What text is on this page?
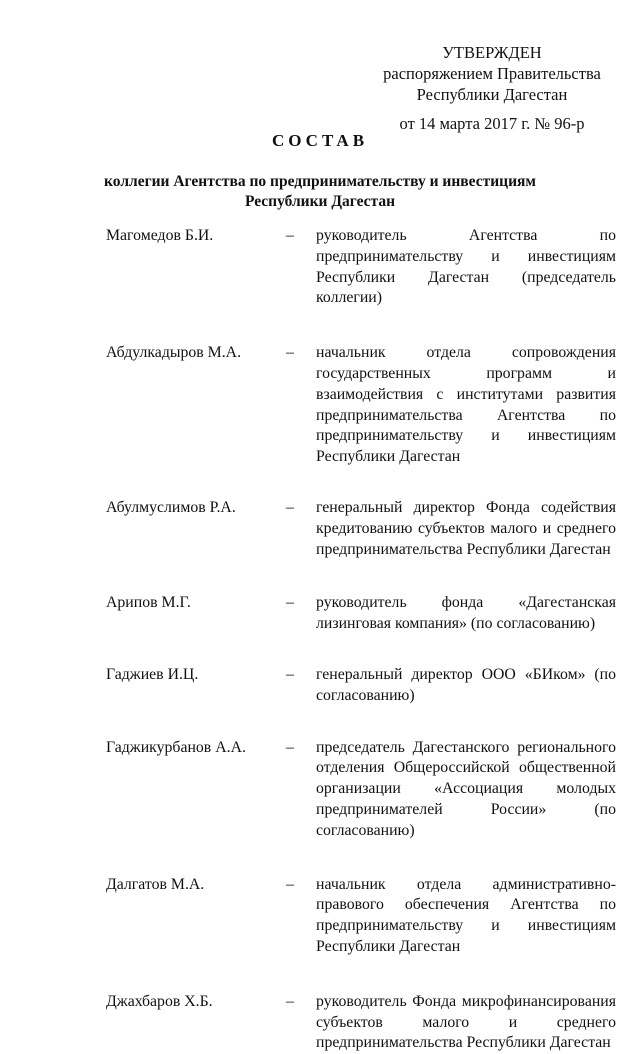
УТВЕРЖДЕН
распоряжением Правительства
Республики Дагестан
от 14 марта 2017 г. № 96-р
СОСТАВ
коллегии Агентства по предпринимательству и инвестициям
Республики Дагестан
Магомедов Б.И.	–	руководитель Агентства по предпринимательству и инвестициям Республики Дагестан (председатель коллегии)
Абдулкадыров М.А.	–	начальник отдела сопровождения государственных программ и взаимодействия с институтами развития предпринимательства Агентства по предпринимательству и инвестициям Республики Дагестан
Абулмуслимов Р.А.	–	генеральный директор Фонда содействия кредитованию субъектов малого и среднего предпринимательства Республики Дагестан
Арипов М.Г.	–	руководитель фонда «Дагестанская лизинговая компания» (по согласованию)
Гаджиев И.Ц.	–	генеральный директор ООО «БИком» (по согласованию)
Гаджикурбанов А.А.	–	председатель Дагестанского регионального отделения Общероссийской общественной организации «Ассоциация молодых предпринимателей России» (по согласованию)
Далгатов М.А.	–	начальник отдела административно-правового обеспечения Агентства по предпринимательству и инвестициям Республики Дагестан
Джахбаров Х.Б.	–	руководитель Фонда микрофинансирования субъектов малого и среднего предпринимательства Республики Дагестан
